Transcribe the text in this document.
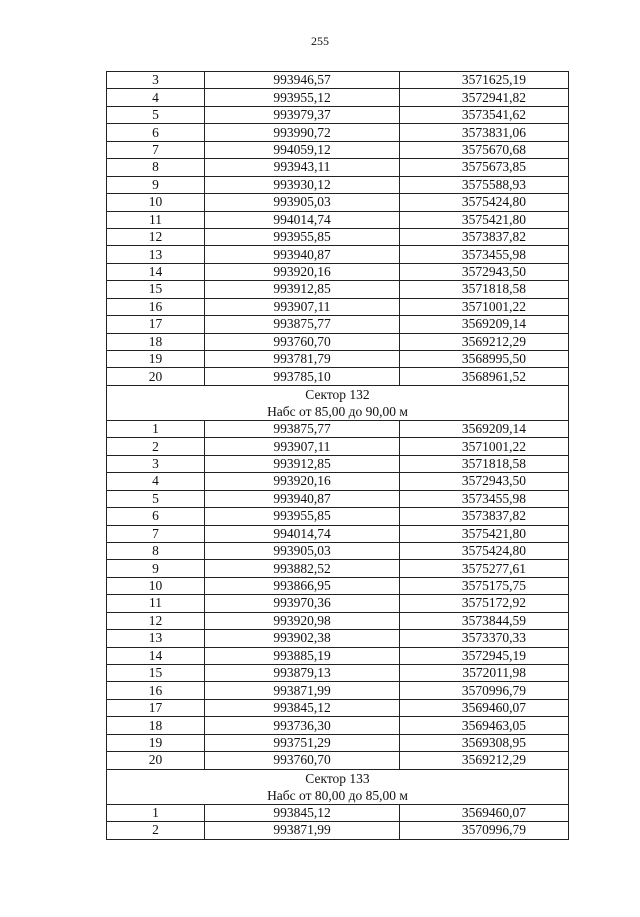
255
3	993946,57	3571625,19
4	993955,12	3572941,82
5	993979,37	3573541,62
6	993990,72	3573831,06
7	994059,12	3575670,68
8	993943,11	3575673,85
9	993930,12	3575588,93
10	993905,03	3575424,80
11	994014,74	3575421,80
12	993955,85	3573837,82
13	993940,87	3573455,98
14	993920,16	3572943,50
15	993912,85	3571818,58
16	993907,11	3571001,22
17	993875,77	3569209,14
18	993760,70	3569212,29
19	993781,79	3568995,50
20	993785,10	3568961,52

Сектор 132
Набс от 85,00 до 90,00 м		

1	993875,77	3569209,14
2	993907,11	3571001,22
3	993912,85	3571818,58
4	993920,16	3572943,50
5	993940,87	3573455,98
6	993955,85	3573837,82
7	994014,74	3575421,80
8	993905,03	3575424,80
9	993882,52	3575277,61
10	993866,95	3575175,75
11	993970,36	3575172,92
12	993920,98	3573844,59
13	993902,38	3573370,33
14	993885,19	3572945,19
15	993879,13	3572011,98
16	993871,99	3570996,79
17	993845,12	3569460,07
18	993736,30	3569463,05
19	993751,29	3569308,95
20	993760,70	3569212,29

Сектор 133
Набс от 80,00 до 85,00 м		

1	993845,12	3569460,07
2	993871,99	3570996,79
